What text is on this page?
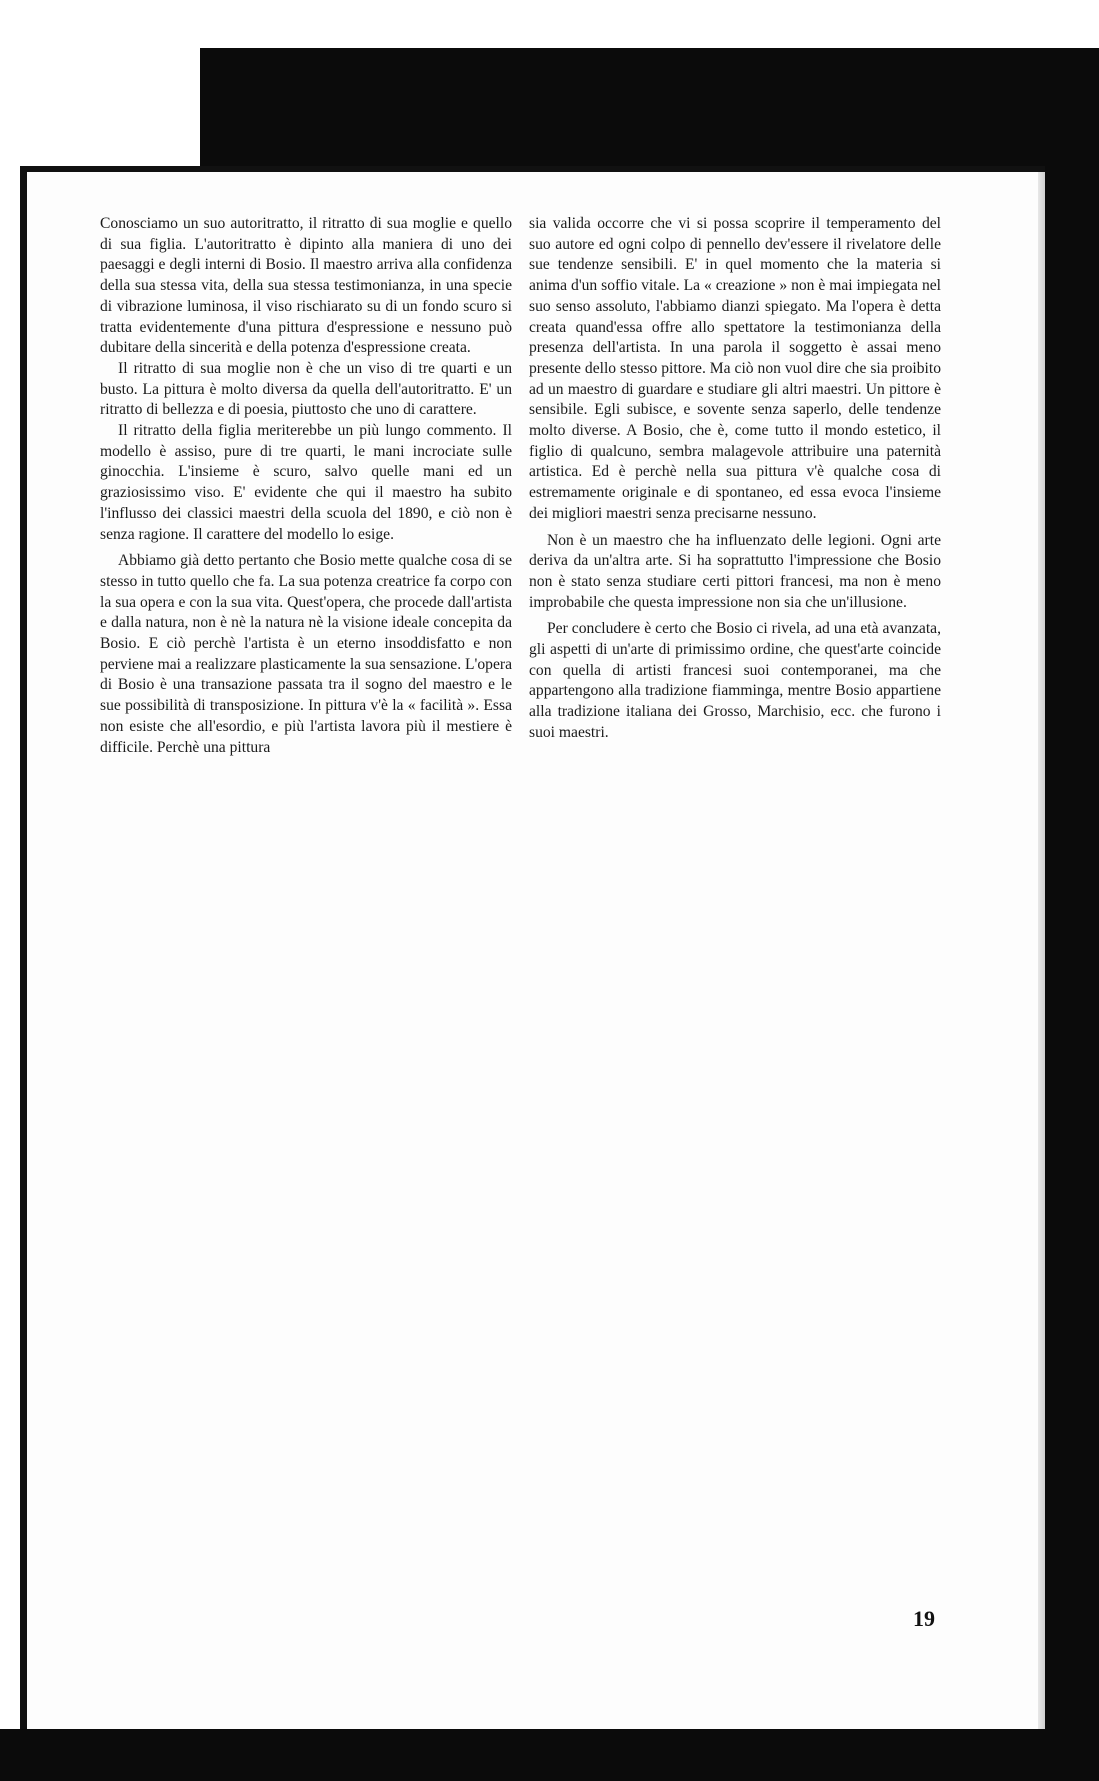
Conosciamo un suo autoritratto, il ritratto di sua moglie e quello di sua figlia. L'autoritratto è dipinto alla maniera di uno dei paesaggi e degli interni di Bosio. Il maestro arriva alla confidenza della sua stessa vita, della sua stessa testimonianza, in una specie di vibrazione luminosa, il viso rischiarato su di un fondo scuro si tratta evidentemente d'una pittura d'espressione e nessuno può dubitare della sincerità e della potenza d'espressione creata.

Il ritratto di sua moglie non è che un viso di tre quarti e un busto. La pittura è molto diversa da quella dell'autoritratto. E' un ritratto di bellezza e di poesia, piuttosto che uno di carattere.

Il ritratto della figlia meriterebbe un più lungo commento. Il modello è assiso, pure di tre quarti, le mani incrociate sulle ginocchia. L'insieme è scuro, salvo quelle mani ed un graziosissimo viso. E' evidente che qui il maestro ha subito l'influsso dei classici maestri della scuola del 1890, e ciò non è senza ragione. Il carattere del modello lo esige.

Abbiamo già detto pertanto che Bosio mette qualche cosa di se stesso in tutto quello che fa. La sua potenza creatrice fa corpo con la sua opera e con la sua vita. Quest'opera, che procede dall'artista e dalla natura, non è nè la natura nè la visione ideale concepita da Bosio. E ciò perchè l'artista è un eterno insoddisfatto e non perviene mai a realizzare plasticamente la sua sensazione. L'opera di Bosio è una transazione passata tra il sogno del maestro e le sue possibilità di transposizione. In pittura v'è la « facilità ». Essa non esiste che all'esordio, e più l'artista lavora più il mestiere è difficile. Perchè una pittura

sia valida occorre che vi si possa scoprire il temperamento del suo autore ed ogni colpo di pennello dev'essere il rivelatore delle sue tendenze sensibili. E' in quel momento che la materia si anima d'un soffio vitale. La « creazione » non è mai impiegata nel suo senso assoluto, l'abbiamo dianzi spiegato. Ma l'opera è detta creata quand'essa offre allo spettatore la testimonianza della presenza dell'artista. In una parola il soggetto è assai meno presente dello stesso pittore. Ma ciò non vuol dire che sia proibito ad un maestro di guardare e studiare gli altri maestri. Un pittore è sensibile. Egli subisce, e sovente senza saperlo, delle tendenze molto diverse. A Bosio, che è, come tutto il mondo estetico, il figlio di qualcuno, sembra malagevole attribuire una paternità artistica. Ed è perchè nella sua pittura v'è qualche cosa di estremamente originale e di spontaneo, ed essa evoca l'insieme dei migliori maestri senza precisarne nessuno.

Non è un maestro che ha influenzato delle legioni. Ogni arte deriva da un'altra arte. Si ha soprattutto l'impressione che Bosio non è stato senza studiare certi pittori francesi, ma non è meno improbabile che questa impressione non sia che un'illusione.

Per concludere è certo che Bosio ci rivela, ad una età avanzata, gli aspetti di un'arte di primissimo ordine, che quest'arte coincide con quella di artisti francesi suoi contemporanei, ma che appartengono alla tradizione fiamminga, mentre Bosio appartiene alla tradizione italiana dei Grosso, Marchisio, ecc. che furono i suoi maestri.

19
